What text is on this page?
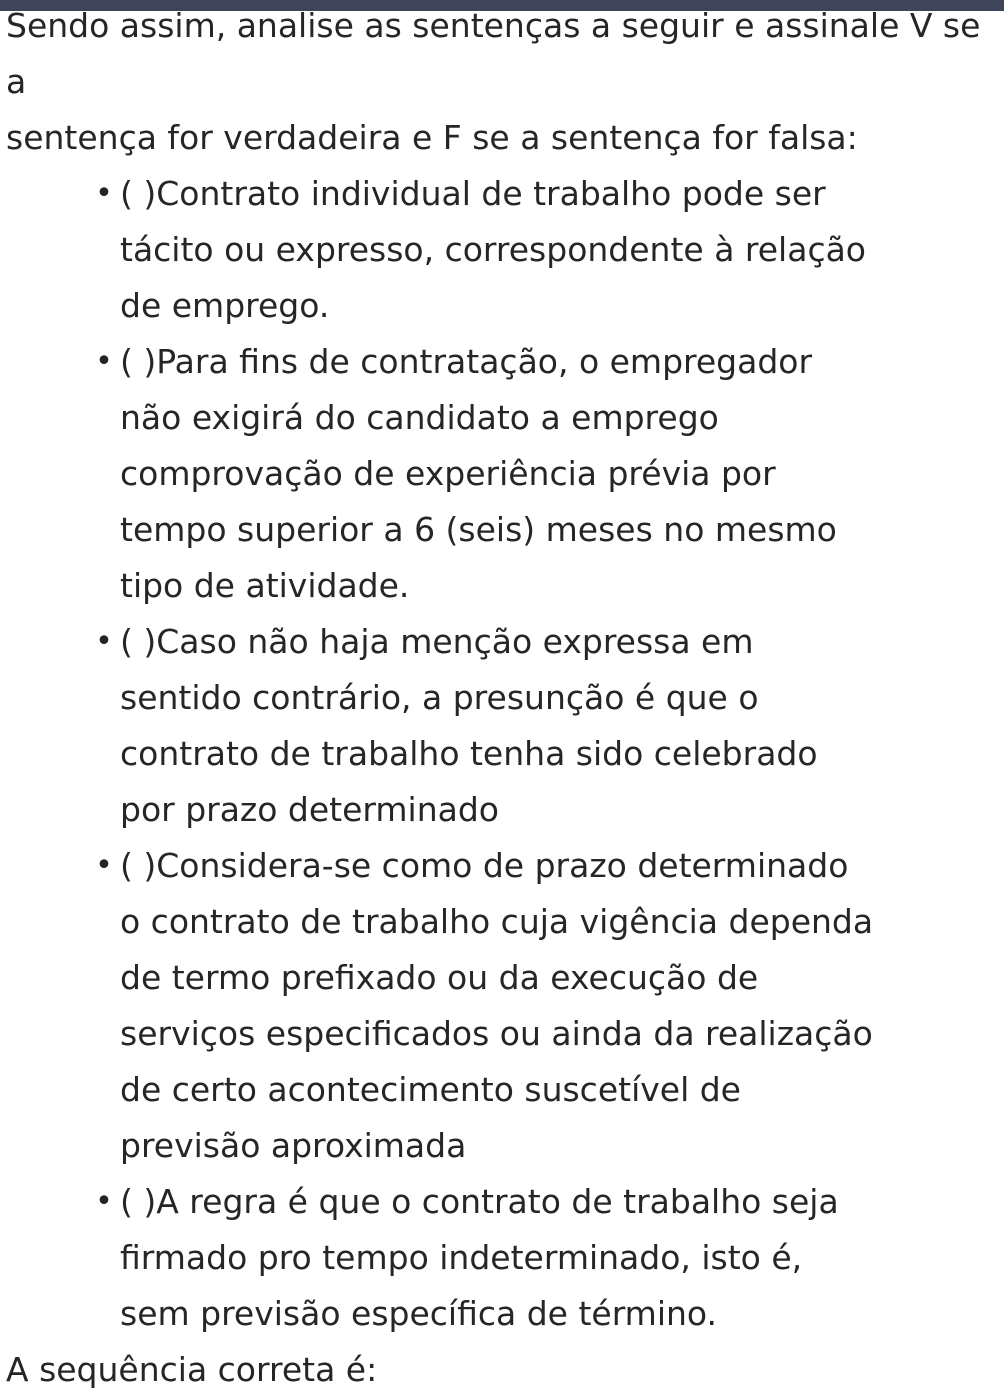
Sendo assim, analise as sentenças a seguir e assinale V se a
sentença for verdadeira e F se a sentença for falsa:

• ( )Contrato individual de trabalho pode ser
tácito ou expresso, correspondente à relação
de emprego.
• ( )Para fins de contratação, o empregador
não exigirá do candidato a emprego
comprovação de experiência prévia por
tempo superior a 6 (seis) meses no mesmo
tipo de atividade.
• ( )Caso não haja menção expressa em
sentido contrário, a presunção é que o
contrato de trabalho tenha sido celebrado
por prazo determinado
• ( )Considera-se como de prazo determinado
o contrato de trabalho cuja vigência dependa
de termo prefixado ou da execução de
serviços especificados ou ainda da realização
de certo acontecimento suscetível de
previsão aproximada
• ( )A regra é que o contrato de trabalho seja
firmado pro tempo indeterminado, isto é,
sem previsão específica de término.

A sequência correta é:
